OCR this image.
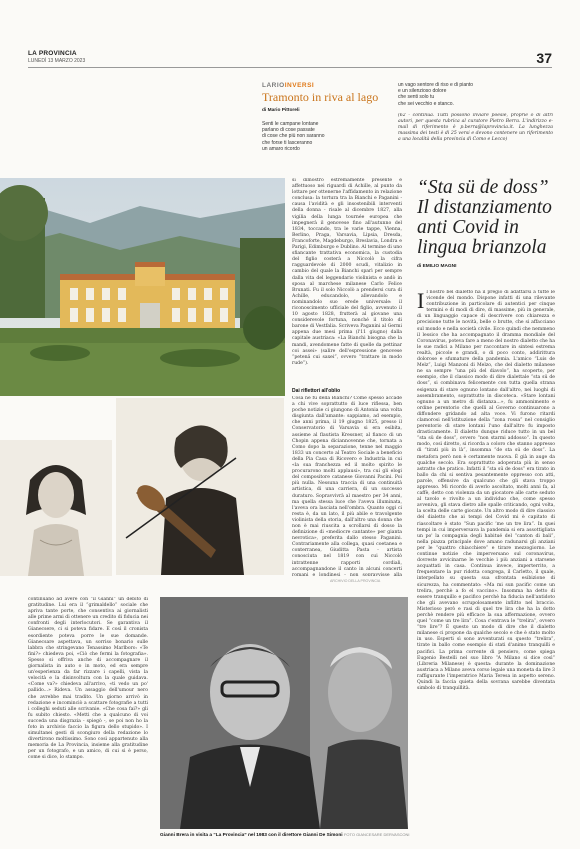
LA PROVINCIA
LUNEDÌ 13 MARZO 2023	37
LARIOINVERSI
Tramonto in riva al lago
di Mario Pittoreli
Senti le campane lontane
parlano di cose passate
di cose che più non saranno
che forse ti lasceranno
un amaro ricordo
un vago sentore di riso e di pianto
e un silenzioso dolore
che senti solo tu
che sei vecchio e stanco.
(62 - continua. Tutti possono inviare poesie, proprie o di altri autori, per questa rubrica al curatore Pietro Berra. L'indirizzo e-mail di riferimento è p.berra@laprovincia.it. La lunghezza massima dei testi è di 25 versi e devono contenere un riferimento a una località della provincia di Como e Lecco)
si dimostrò estremamente presente e affettuoso nei riguardi di Achille, al punto da lottare per ottenerne l'affidamento in relazione conclusa: la tortura tra la Bianchi e Paganini - causa l'avidità e gli insostenibili interventi della donna - risale al dicembre 1827, alla vigilia della lunga tournée europea che impegnerà il genovese fino all'autunno del 1834, toccando, tra le varie tappe, Vienna, Berlino, Praga, Varsavia, Lipsia, Dresda, Francoforte, Magdeburgo, Breslavia, Londra e Parigi, Edimburgo e Dublino. Al termine di uno sfiancante trattativa economica, la custodia del figlio costerà a Niccolò la cifra ragguardevole di 2000 scudi, vitalizio in cambio del quale la Bianchi sparì per sempre dalla vita del leggendario violinista e andò in sposa al marchese milanese Carlo Felice Brunati. Fu il solo Niccolò a prendersi cura di Achille, educandolo, allevandolo e nominandolo suo erede universale: il riconoscimento ufficiale del figlio, avvenuto il 10 agosto 1828, frutterà al giovane una considerevole fortuna, nonché il titolo di barone di Vestfalia. Scriveva Paganini al Germi appena due mesi prima (l'11 giugno) dalla capitale austriaca: «La Bianchi bisogna che la mandi, avendomene fatte di quelle da pettinar coi assei» (salire dell'espressione genovese “petenä cui saxei”, ovvero “trattare in modo rude”).
Dai riflettori all'oblio
Cosa ne fu della Bianchi? Come spesso accade a chi vive soprattutto di luce riflessa, ben poche notizie ci giungono di Antonia una volta disgiunta dall'amante: sappiamo, ad esempio, che anni prima, il 19 giugno 1825, presso il Conservatorio di Varsavia si era esibita, assieme al flautista Kressner, al fianco di un Chopin appena diciannovenne che, tornata a Como dopo la separazione, tenne nel maggio 1833 un concerto al Teatro Sociale a beneficio della Pia Casa di Ricovero e Industria in cui «la sua franchezza ed il molto spirito le procurarono molti applausi», tra cui gli elogi del compositore catanese Giovanni Pacini. Poi più nulla. Nessuna traccia di una continuità artistica, di una carriera, di un successo duraturo. Sopravvivrà al maestro per 34 anni, ma quella stessa luce che l'aveva illuminata, l'aveva ora lasciata nell'ombra. Quanto oggi ci resta è, da un lato, il più abile e travolgente violinista della storia, dall'altro una donna che non è mai riuscita a scrollarsi di dosso la definizione di «mediocre cantante» per gianta nevrotica», preferita dallo stesso Paganini. Contrariamente alla collega, quasi coetanea e conterranea, Giuditta Pasta - artista conosciuta nel 1819 con cui Niccolò intrattenne rapporti cordiali, accompagnandone il canto in alcuni concerti romani e londinesi - non sopravvisse alla
ARCHIVIO DELLA PROVINCIA
“Sta sü de doss” Il distanziamento anti Covid in lingua brianzola
di EMILIO MAGNI
Il nostro bel dialetto ha il pregio di adattarsi a tutte le vicende del mondo. Dispone infatti di una rilevante contribuzione in particolare di autentici per cinque termini e di modi di dire, di massime, più in generale, di un linguaggio capace di descrivere con chiarezza e precisione tutte le novità, belle o brutte, che si affacciano sul mondo e nella società civile. Ecco quindi che nemmeno il lessico che ha accompagnato il dramma mondiale del Coronavirus, poteva fare a meno del nostro dialetto che ha le sue radici a Milano per raccontare in sintesi estrema realtà, piccole e grandi, o di poco conto, addirittura dolorose e sfumature della pandemia. L'amico “Luis de Melz”, Luigi Manzoni di Melzo, che del dialetto milanese ne sa sempre “una più del diavolo”, ha scoperto, per esempio, che il classico modo di dire dialettale “sta sü de doss”, si combinava felicemente con tutta quella strana esigenza di stare ognuno lontano dall'altro, nei luoghi di assembramento, soprattutto in discoteca. «Stare lontani ognuno a un metro di distanza...», fu ammonimento e ordine perentorio che quelli al Governo continuarono a diffondere gridando ad alta voce. Vi furono ritardi clamorosi nell'istituzione della “zona rossa” nel consiglio perentorio di stare lontani l'uno dall'altro fu imposto drasticamente. Il dialetto dunque riduce tutto in un bel “sta sü de doss”, ovvero “non starmi addosso”. In questo modo, così diretto, si ricorda a coloro che stanno appresso di “tirati più in là”, insomma “de sta sü de doss”. La metafora però non è certamente nuova. È già in auge da qualche secolo. Era soprattutto adoperata più in senso astratto che pratico. Infatti il “sta sü de doss” era tirato in ballo da chi si sentiva pesantemente oppresso con atti, parole, offensive da qualcuno che gli stava troppo appresso. Mi ricordo di averlo ascoltato, molti anni fa, al caffè, detto con violenza da un giocatore alle carte seduto al tavolo e rivolto a un individuo che, come spesso avveniva, gli stava dietro alle spalle criticando, ogni volta, la scelta delle carte giocate. Un altro modo di dire classico del dialetto che ai tempi del Covid mi è capitato di riascoltare è stato “Sun pacific ‘me un tre lira”. In quei tempi in cui imperversava la pandemia si era assottigliata un po' la compagnia degli habitué del “canton di bali”, nella piazza principale dove amano radunarsi gli anziani per le “quattro chiacchiere” e tirare mezzogiorno. Le continue notizie che imperversano sul coronavirus, dovreste avvicinarne le vecchie i più anziani a starsene acquattati in casa. Continua invece, imperterrito, a frequentare la pur ridotta congrega, il Carletto, il quale, interpellato su questa sua sfrontata esibizione di sicurezza, ha commentato: «Ma mi sun pacific come un trelira, perchè a fo el vaccino». Insomma ha detto di essere tranquillo e pacifico perchè ha fiducia nell'antidoto che gli avevano scrupolosamente inflitto nel braccio. Misterioso però e rasi di quel tre lira che ha la dotto perchè rendere più efficace la sua affermazione, ovvero quel “come un tre lira”. Cosa c'entrava le “trelira”, ovvero “tre lire”? È questo un modo di dire che il dialetto milanese ci propone da qualche secolo e che è stato molto in uso. Esperti sì sono avventurati su questo “trelira”, tirate in ballo come esempio di stati d'animo tranquilli e pacifici. La prima corrente di pensiero, come spiega Eugenio Bestelli nel suo libro “A Milano si dice così” (Libreria Milanese) è questa: durante la dominazione austriaca a Milano aveva corso legale una moneta da lire 3 raffigurante l'imperatrice Maria Teresa in aspetto sereno. Quindi la faccia quieta della sovrana sarebbe diventata simbolo di tranquillità.
continuano ad avere con “il Gianni” un debito di gratitudine. Lui era il “grimaldello” sociale che apriva tante porte, che consentiva ai giornalisti alle prime armi di ottenere un credito di fiducia nei confronti degli interlocutori. Se garantiva il Gianecsere, ci si poteva fidare. E così il cronista esordiente poteva porre le sue domande. Gianecsare aspettava, un sorriso bonario sulle labbra che stringevano Tenassimo Marlboro: «Te fini?» chiedeva poi, «Ciò che fermi la fotografia». Spesso si offriva anche di accompagnare il giornalista in auto o in moto, ed era sempre un'esperienza da far rizzare i capelli, vista la velocità e la disinvoltura con la quale guidava. «Come va?» chiedeva all'arrivo, «ti vedo un po' pallido...» Rideva. Un assaggio dell'umour nero che avrebbe mai tradito. Un giorno arrivò in redazione e incominciò a scattare fotografie a tutti i colleghi seduti alle scrivanie. «Che cosa fai?» gli fu subito chiesto. «Metti che a qualcuno di voi succeda una disgrazia - spiegò -, se poi non ho la foto in archivio faccio la figura dello stupido». I simultanei gesti di scongiuro della redazione lo divertirono moltissimo. Sono così appartenuto alla memoria de La Provincia, insieme alla gratitudine per un fotografo, e un amico, di cui si è perso, come si dice, lo stampo.
Gianni Brera in visita a “La Provincia” nel 1983 con il direttore Gianni De Simoni FOTO GIANCESARE DERVASCONI
